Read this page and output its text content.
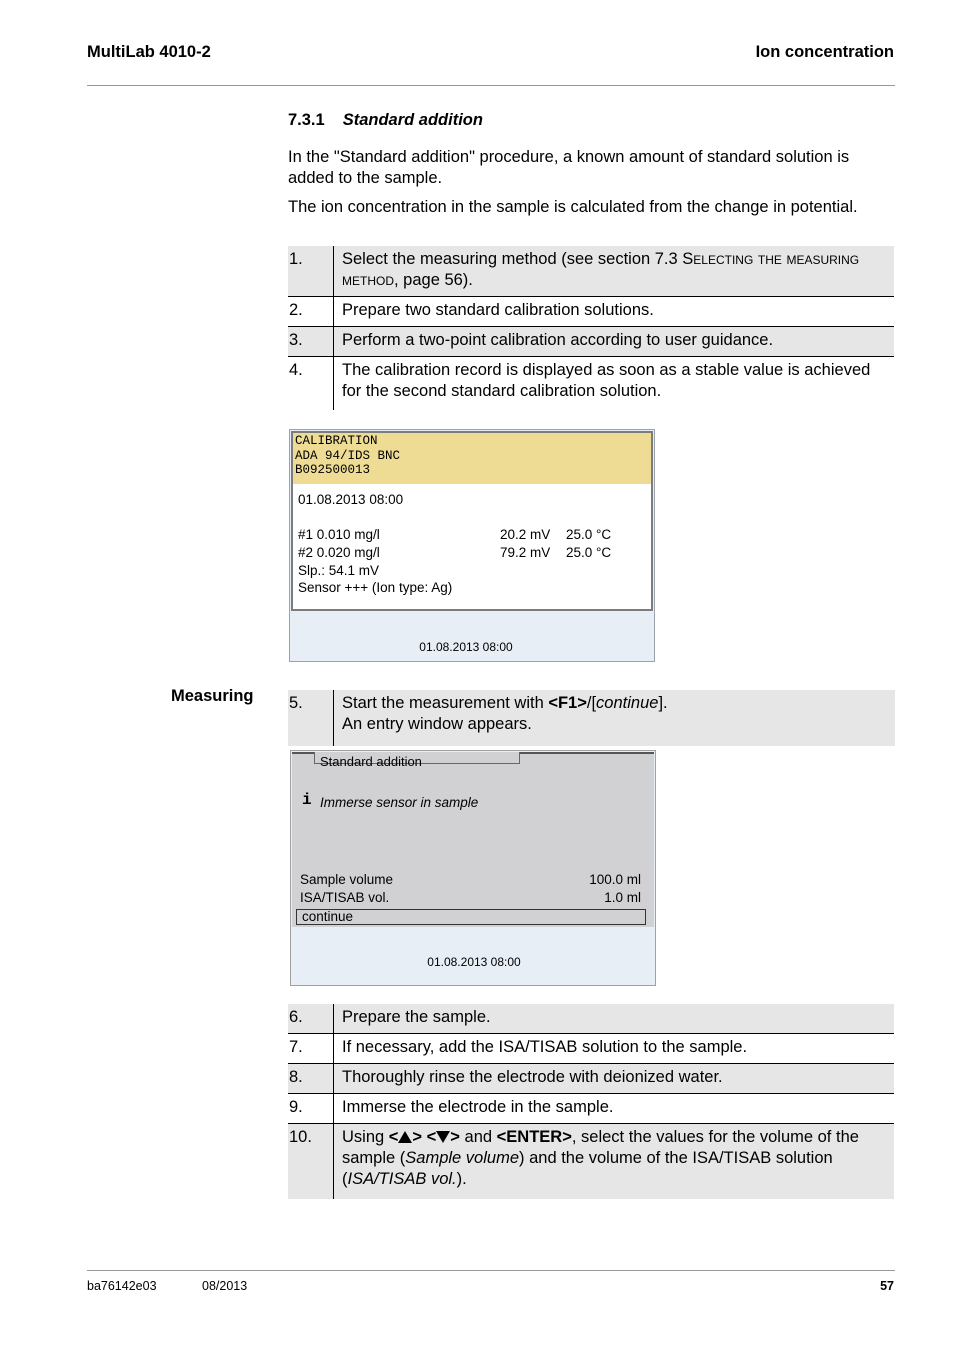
MultiLab 4010-2	Ion concentration
7.3.1 Standard addition
In the "Standard addition" procedure, a known amount of standard solution is added to the sample.
The ion concentration in the sample is calculated from the change in potential.
1.	Select the measuring method (see section 7.3 Selecting the measuring method, page 56).
2.	Prepare two standard calibration solutions.
3.	Perform a two-point calibration according to user guidance.
4.	The calibration record is displayed as soon as a stable value is achieved for the second standard calibration solution.
CALIBRATION
ADA 94/IDS BNC
B092500013
01.08.2013 08:00
#1 0.010 mg/l	20.2 mV 25.0 °C
#2 0.020 mg/l	79.2 mV 25.0 °C
Slp.: 54.1 mV
Sensor +++ (Ion type: Ag)
01.08.2013 08:00
Measuring 5.	Start the measurement with <F1>/[continue].
An entry window appears.
Standard addition
i Immerse sensor in sample
Sample volume	100.0 ml
ISA/TISAB vol.	1.0 ml
continue
01.08.2013 08:00
6.	Prepare the sample.
7.	If necessary, add the ISA/TISAB solution to the sample.
8.	Thoroughly rinse the electrode with deionized water.
9.	Immerse the electrode in the sample.
10.	Using < > < > and <ENTER>, select the values for the volume of the sample (Sample volume) and the volume of the ISA/TISAB solution (ISA/TISAB vol.).
ba76142e03	08/2013	57
